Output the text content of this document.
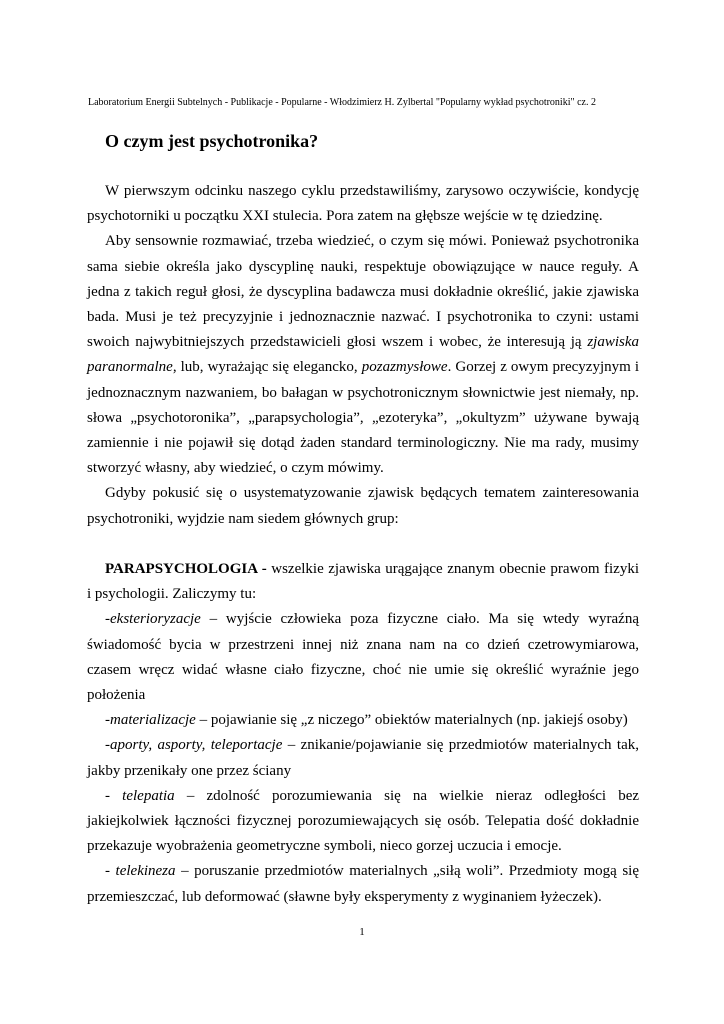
Laboratorium Energii Subtelnych - Publikacje - Popularne - Włodzimierz H. Zylbertal "Popularny wykład psychotroniki" cz. 2
O czym jest psychotronika?

W pierwszym odcinku naszego cyklu przedstawiliśmy, zarysowo oczywiście, kondycję psychotorniki u początku XXI stulecia. Pora zatem na głębsze wejście w tę dziedzinę.

Aby sensownie rozmawiać, trzeba wiedzieć, o czym się mówi. Ponieważ psychotronika sama siebie określa jako dyscyplinę nauki, respektuje obowiązujące w nauce reguły. A jedna z takich reguł głosi, że dyscyplina badawcza musi dokładnie określić, jakie zjawiska bada. Musi je też precyzyjnie i jednoznacznie nazwać. I psychotronika to czyni: ustami swoich najwybitniejszych przedstawicieli głosi wszem i wobec, że interesują ją zjawiska paranormalne, lub, wyrażając się elegancko, pozazmysłowe. Gorzej z owym precyzyjnym i jednoznacznym nazwaniem, bo bałagan w psychotronicznym słownictwie jest niemały, np. słowa „psychotoronika”, „parapsychologia”, „ezoteryka”, „okultyzm” używane bywają zamiennie i nie pojawił się dotąd żaden standard terminologiczny. Nie ma rady, musimy stworzyć własny, aby wiedzieć, o czym mówimy.

Gdyby pokusić się o usystematyzowanie zjawisk będących tematem zainteresowania psychotroniki, wyjdzie nam siedem głównych grup:

PARAPSYCHOLOGIA - wszelkie zjawiska urągające znanym obecnie prawom fizyki i psychologii. Zaliczymy tu:

-eksterioryzacje – wyjście człowieka poza fizyczne ciało. Ma się wtedy wyraźną świadomość bycia w przestrzeni innej niż znana nam na co dzień czetrowymiarowa, czasem wręcz widać własne ciało fizyczne, choć nie umie się określić wyraźnie jego położenia

-materializacje – pojawianie się „z niczego” obiektów materialnych (np. jakiejś osoby)

-aporty, asporty, teleportacje – znikanie/pojawianie się przedmiotów materialnych tak, jakby przenikały one przez ściany

- telepatia – zdolność porozumiewania się na wielkie nieraz odległości bez jakiejkolwiek łączności fizycznej porozumiewających się osób. Telepatia dość dokładnie przekazuje wyobrażenia geometryczne symboli, nieco gorzej uczucia i emocje.

- telekineza – poruszanie przedmiotów materialnych „siłą woli”. Przedmioty mogą się przemieszczać, lub deformować (sławne były eksperymenty z wyginaniem łyżeczek).

1
